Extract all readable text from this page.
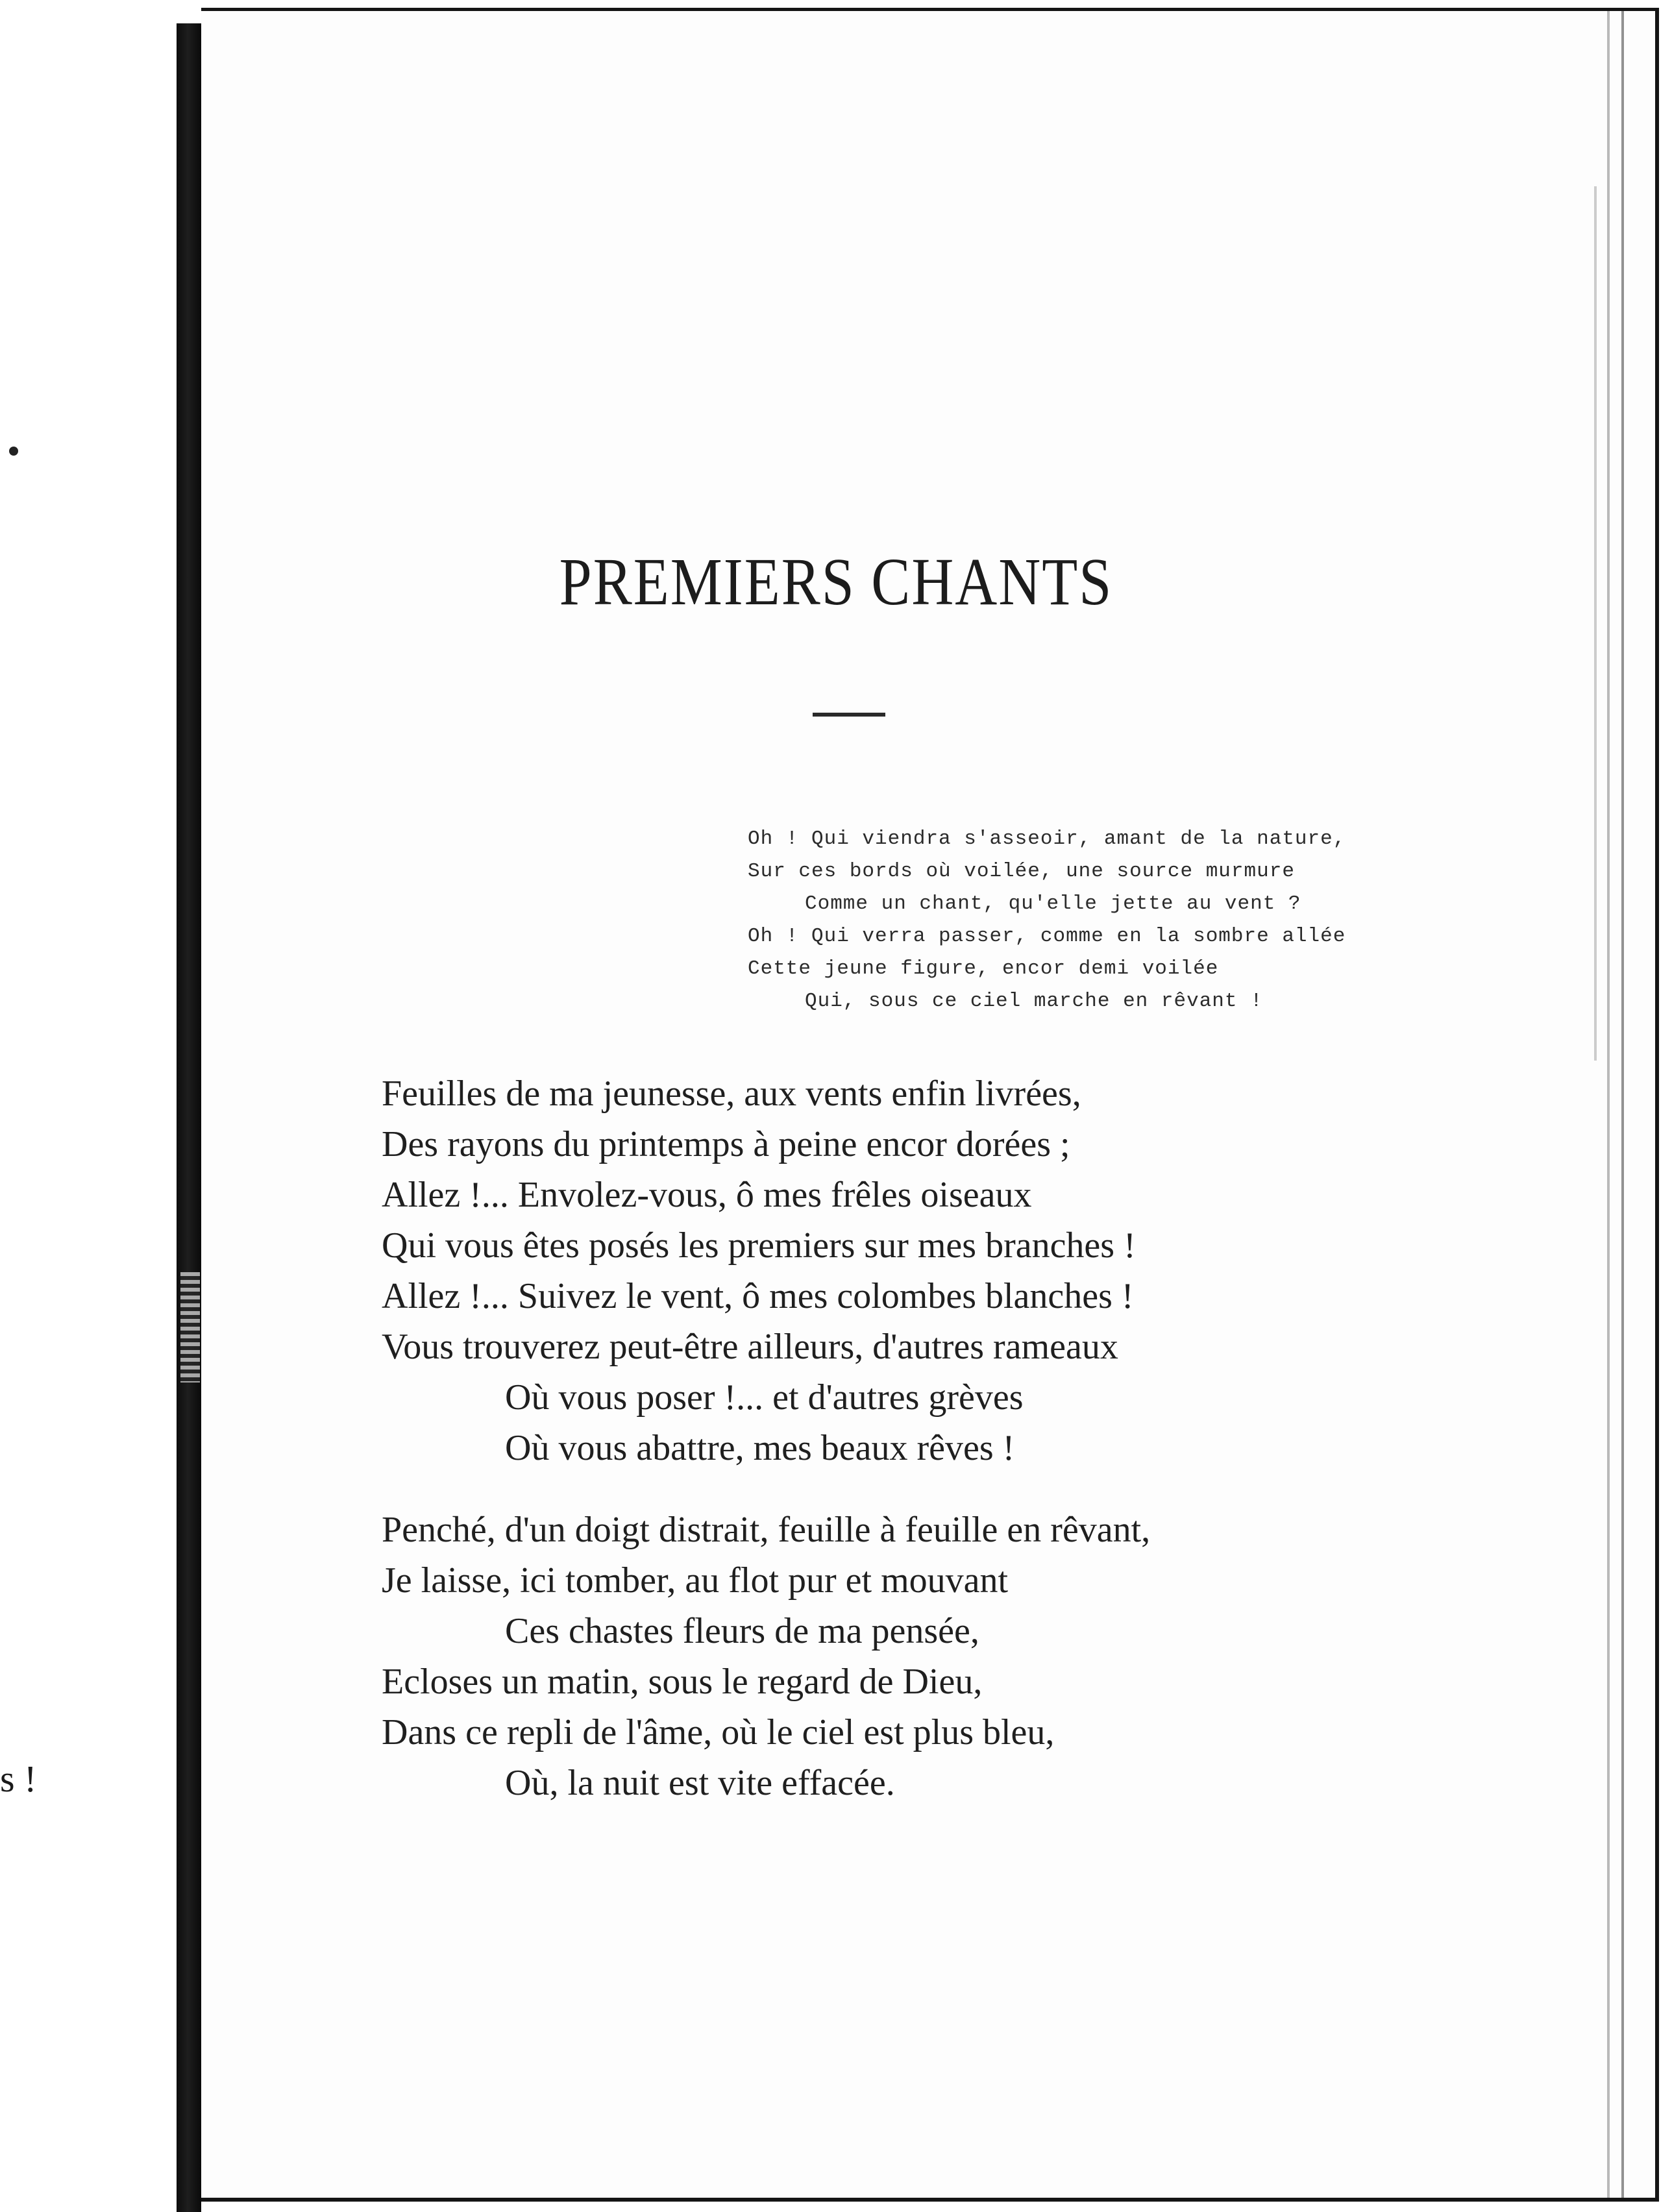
s !
PREMIERS CHANTS
Oh ! Qui viendra s'asseoir, amant de la nature,
Sur ces bords où voilée, une source murmure
Comme un chant, qu'elle jette au vent ?
Oh ! Qui verra passer, comme en la sombre allée
Cette jeune figure, encor demi voilée
Qui, sous ce ciel marche en rêvant !
Feuilles de ma jeunesse, aux vents enfin livrées,
Des rayons du printemps à peine encor dorées ;
Allez !... Envolez-vous, ô mes frêles oiseaux
Qui vous êtes posés les premiers sur mes branches !
Allez !... Suivez le vent, ô mes colombes blanches !
Vous trouverez peut-être ailleurs, d'autres rameaux
Où vous poser !... et d'autres grèves
Où vous abattre, mes beaux rêves !
Penché, d'un doigt distrait, feuille à feuille en rêvant,
Je laisse, ici tomber, au flot pur et mouvant
Ces chastes fleurs de ma pensée,
Ecloses un matin, sous le regard de Dieu,
Dans ce repli de l'âme, où le ciel est plus bleu,
Où, la nuit est vite effacée.
